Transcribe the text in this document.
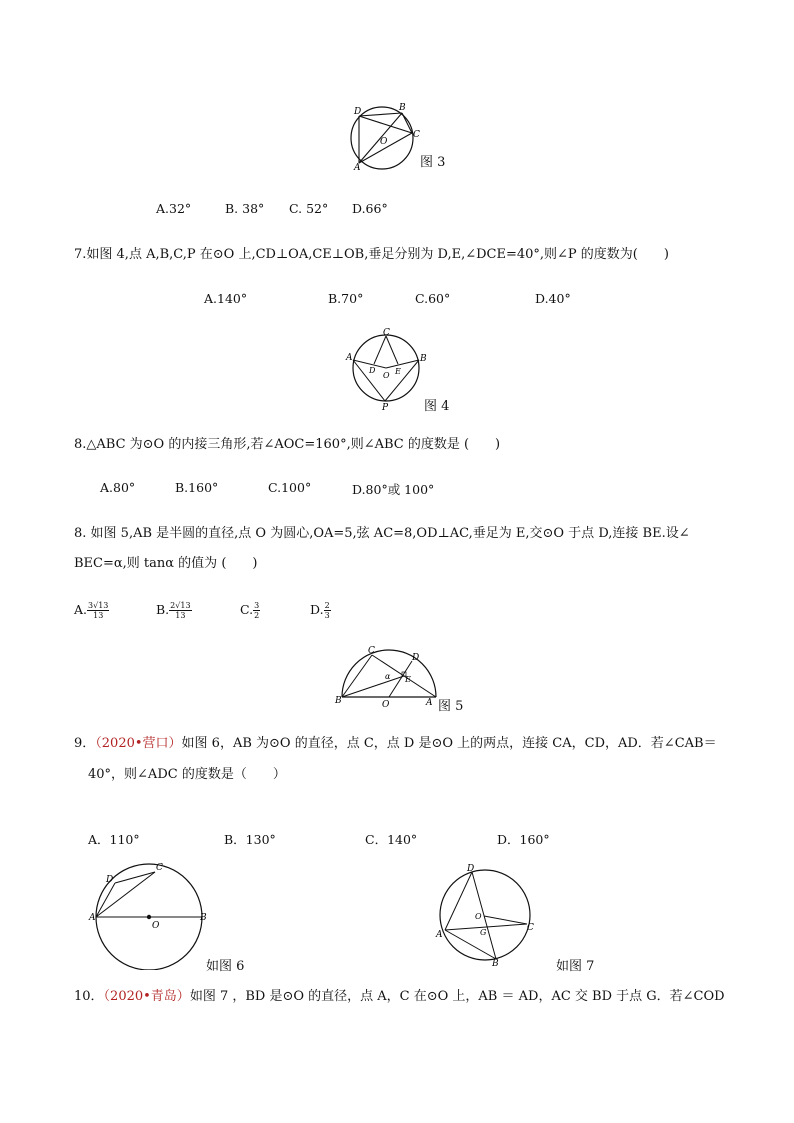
D	B
C
O
A	图 3
A.32°	B. 38° C. 52° D.66°
7.如图 4,点 A,B,C,P 在⊙O 上,CD⊥OA,CE⊥OB,垂足分别为 D,E,∠DCE=40°,则∠P 的度数为(　　)
A.140°	B.70°	C.60°	D.40°
C
A	B
D
O E
P	图 4
8.△ABC 为⊙O 的内接三角形,若∠AOC=160°,则∠ABC 的度数是 (　　)
A.80°	B.160°	C.100°	D.80°或 100°
8. 如图 5,AB 是半圆的直径,点 O 为圆心,OA=5,弦 AC=8,OD⊥AC,垂足为 E,交⊙O 于点 D,连接 BE.设∠
BEC=α,则 tanα 的值为 (　　)
A. $\frac{3√13}{13}$	B. $\frac{2√13}{13}$	C. $\frac{3}{2}$	D. $\frac{2}{3}$
C
D
E
α
B	O	A 图 5
9．（2020•营口）如图 6，AB 为⊙O 的直径，点 C，点 D 是⊙O 上的两点，连接 CA，CD，AD．若∠CAB＝
40°，则∠ADC 的度数是（　　）
A．110°	B．130°	C．140°	D．160°
C
D
A
O
B
如图 6
D
O
C
A	G
B	如图 7
10．（2020•青岛）如图 7 ，BD 是⊙O 的直径，点 A，C 在⊙O 上，AB ＝ AD，AC 交 BD 于点 G．若∠COD
